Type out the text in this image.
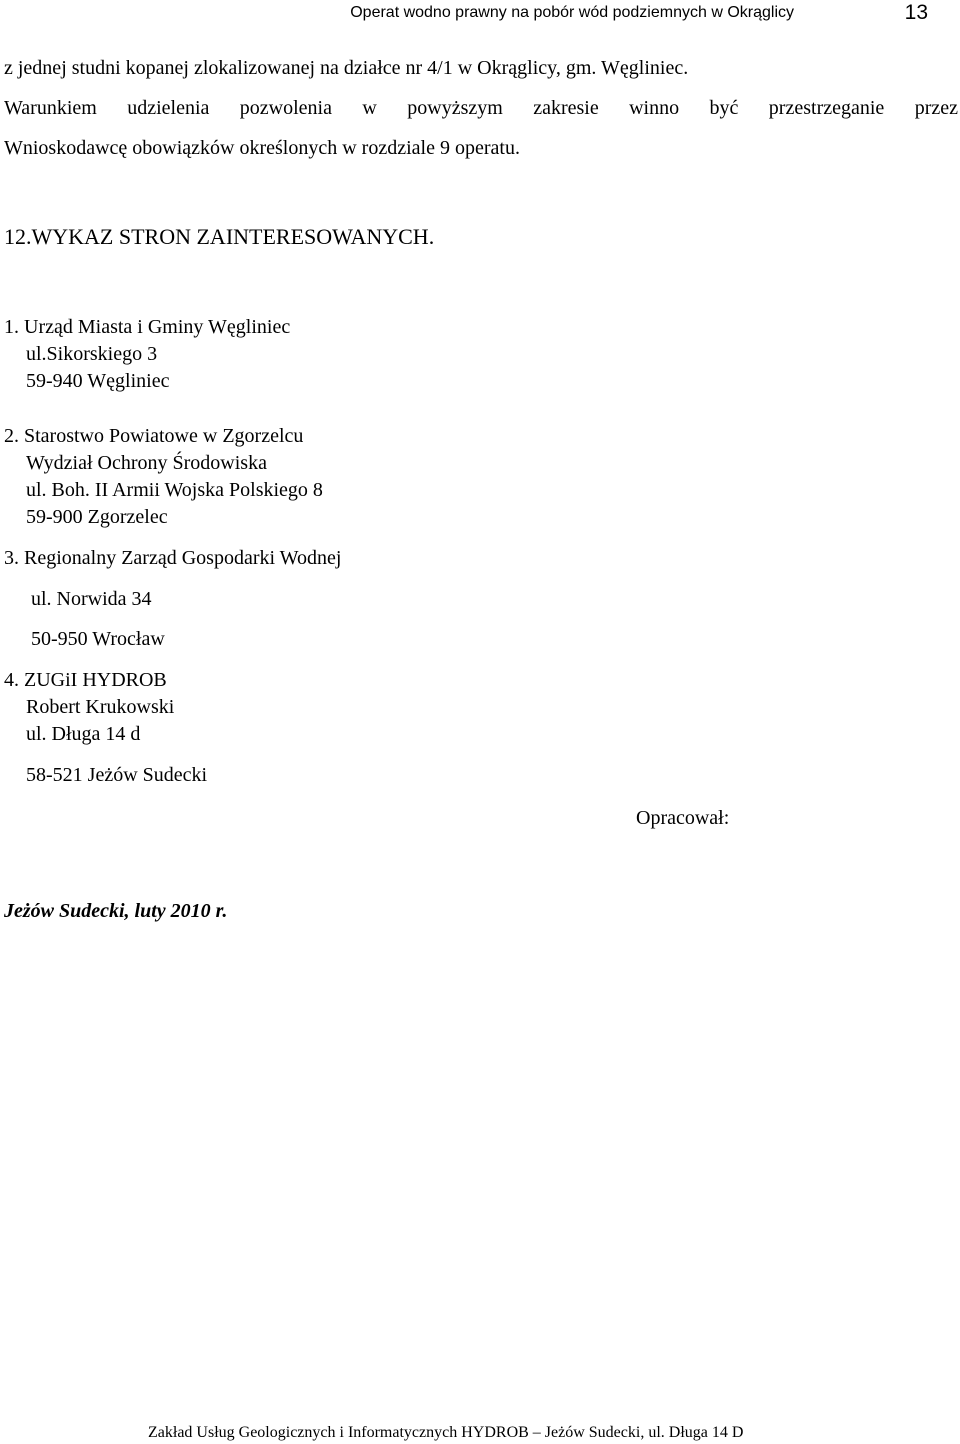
Operat wodno prawny na pobór wód podziemnych w Okrąglicy	13
z jednej studni kopanej zlokalizowanej na działce nr 4/1 w Okrąglicy, gm. Węgliniec.
Warunkiem udzielenia pozwolenia w powyższym zakresie winno być przestrzeganie przez
Wnioskodawcę obowiązków określonych w rozdziale 9 operatu.
12.WYKAZ STRON ZAINTERESOWANYCH.
1. Urząd Miasta i Gminy Węgliniec
ul.Sikorskiego 3
59-940 Węgliniec
2. Starostwo Powiatowe w Zgorzelcu
Wydział Ochrony Środowiska
ul. Boh. II Armii Wojska Polskiego 8
59-900 Zgorzelec
3. Regionalny Zarząd Gospodarki Wodnej
ul. Norwida 34
50-950 Wrocław
4. ZUGiI HYDROB
Robert Krukowski
ul. Długa 14 d
58-521 Jeżów Sudecki
Opracował:
Jeżów Sudecki, luty 2010 r.
Zakład Usług Geologicznych i Informatycznych HYDROB – Jeżów Sudecki, ul. Długa 14 D
